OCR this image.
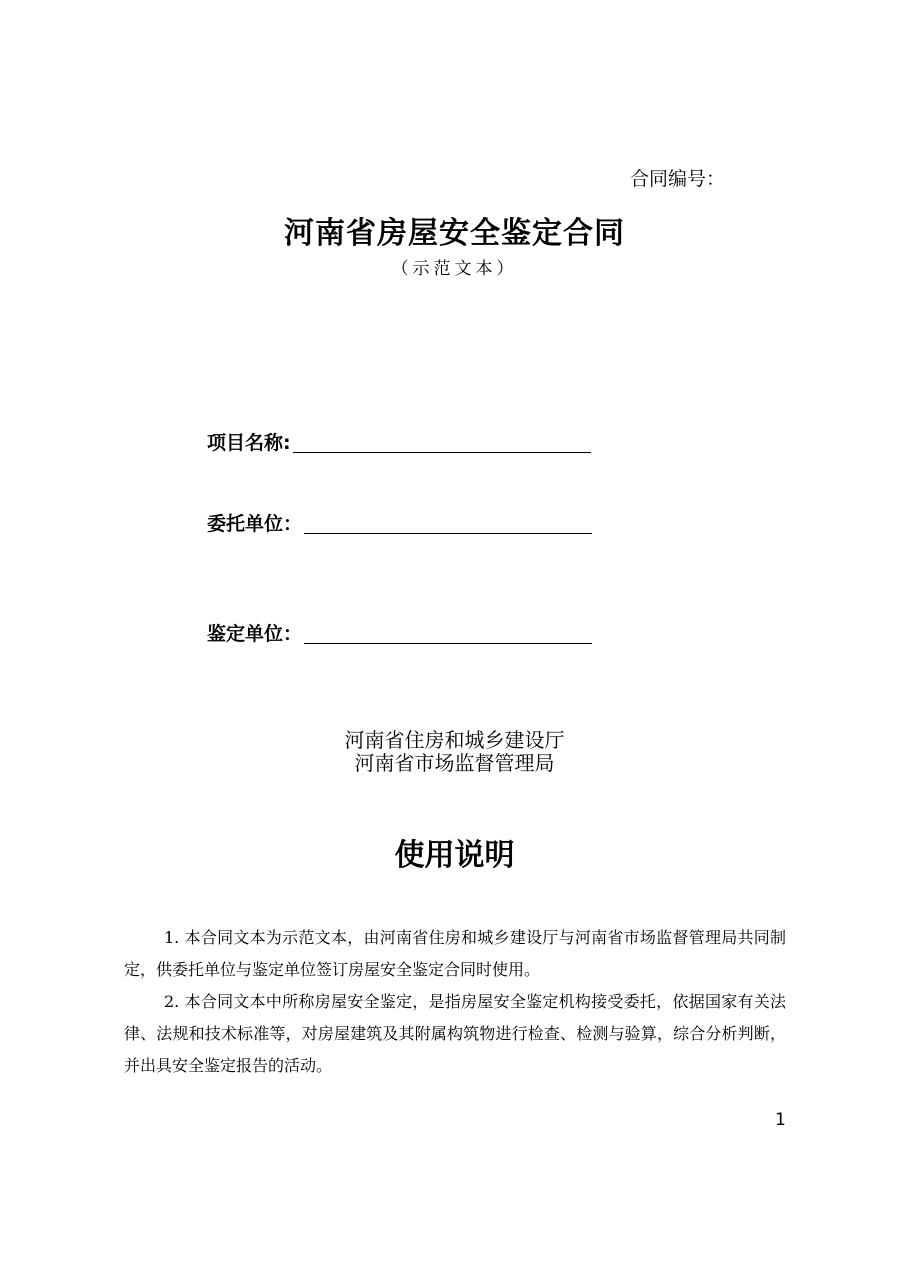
合同编号：
河南省房屋安全鉴定合同
（示范文本）
项目名称:
委托单位：
鉴定单位：
河南省住房和城乡建设厅
河南省市场监督管理局
使用说明

1. 本合同文本为示范文本，由河南省住房和城乡建设厅与河南省市场监督管理局共同制定，供委托单位与鉴定单位签订房屋安全鉴定合同时使用。

2. 本合同文本中所称房屋安全鉴定，是指房屋安全鉴定机构接受委托，依据国家有关法律、法规和技术标准等，对房屋建筑及其附属构筑物进行检查、检测与验算，综合分析判断，并出具安全鉴定报告的活动。

1
